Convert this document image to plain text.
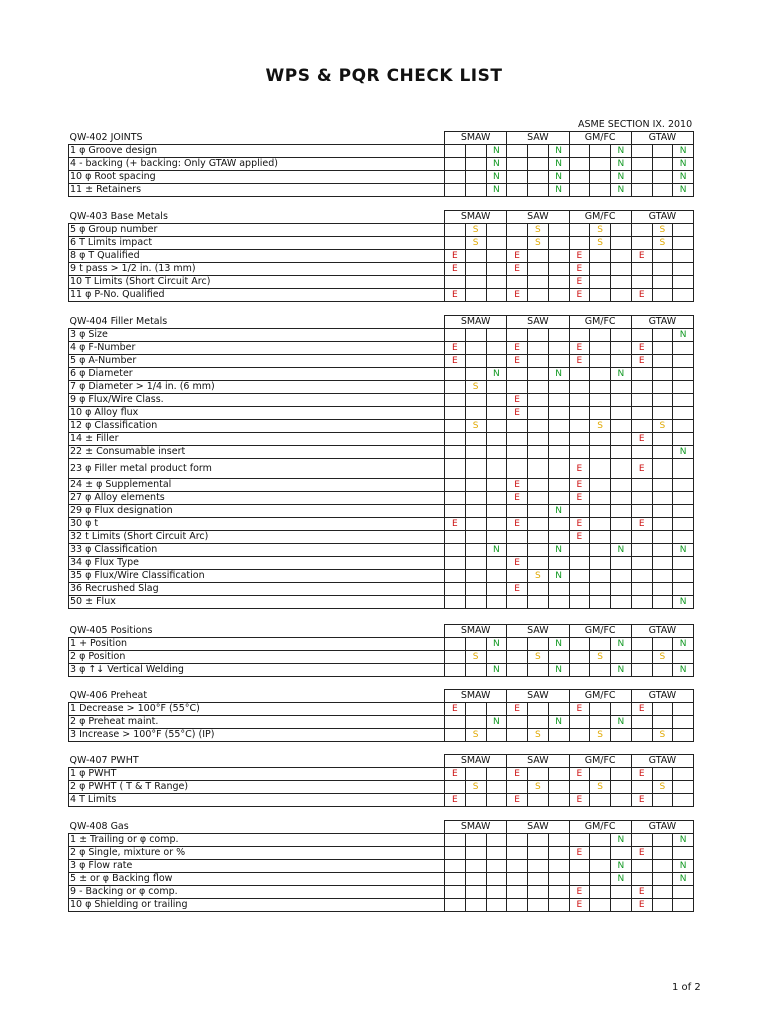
WPS & PQR CHECK LIST
ASME SECTION IX. 2010
QW-402 JOINTS	SMAW			SAW			GM/FC			GTAW		
1 φ Groove design			N			N			N			N
4 - backing (+ backing: Only GTAW applied)			N			N			N			N
10 φ Root spacing			N			N			N			N
11 ± Retainers			N			N			N			N
QW-403 Base Metals	SMAW			SAW			GM/FC			GTAW		
5 φ Group number		S			S			S			S	
6 T Limits impact		S			S			S			S	
8 φ T Qualified	E			E			E			E		
9 t pass > 1/2 in. (13 mm)	E			E			E					
10 T Limits (Short Circuit Arc)							E					
11 φ P-No. Qualified	E			E			E			E		
QW-404 Filler Metals	SMAW			SAW			GM/FC			GTAW		
3 φ Size												N
4 φ F-Number	E			E			E			E		
5 φ A-Number	E			E			E			E		
6 φ Diameter			N			N			N			
7 φ Diameter > 1/4 in. (6 mm)		S										
9 φ Flux/Wire Class.				E								
10 φ Alloy flux				E								
12 φ Classification		S						S			S	
14 ± Filler										E		
22 ± Consumable insert												N
23 φ Filler metal product form							E			E		
24 ± φ Supplemental				E			E					
27 φ Alloy elements				E			E					
29 φ Flux designation						N						
30 φ t	E			E			E			E		
32 t Limits (Short Circuit Arc)							E					
33 φ Classification			N			N			N			N
34 φ Flux Type				E								
35 φ Flux/Wire Classification					S	N						
36 Recrushed Slag				E								
50 ± Flux												N
QW-405 Positions	SMAW			SAW			GM/FC			GTAW		
1 + Position			N			N			N			N
2 φ Position		S			S			S			S	
3 φ ↑↓ Vertical Welding			N			N			N			N
QW-406 Preheat	SMAW			SAW			GM/FC			GTAW		
1 Decrease > 100°F (55°C)	E			E			E			E		
2 φ Preheat maint.			N			N			N			
3 Increase > 100°F (55°C) (IP)		S			S			S			S	
QW-407 PWHT	SMAW			SAW			GM/FC			GTAW		
1 φ PWHT	E			E			E			E		
2 φ PWHT ( T & T Range)		S			S			S			S	
4 T Limits	E			E			E			E		
QW-408 Gas	SMAW			SAW			GM/FC			GTAW		
1 ± Trailing or φ comp.									N			N
2 φ Single, mixture or %							E			E		
3 φ Flow rate									N			N
5 ± or φ Backing flow									N			N
9 - Backing or φ comp.							E			E		
10 φ Shielding or trailing							E			E		
1 of 2
